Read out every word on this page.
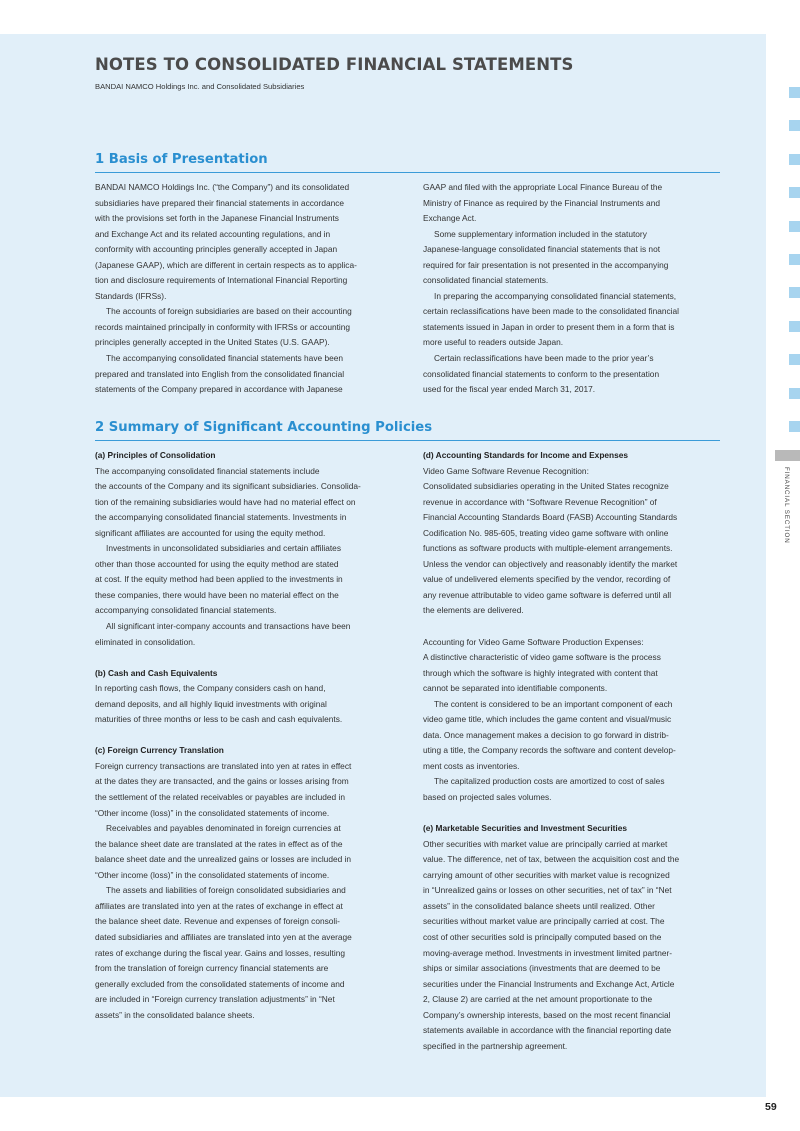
NOTES TO CONSOLIDATED FINANCIAL STATEMENTS
BANDAI NAMCO Holdings Inc. and Consolidated Subsidiaries
1 Basis of Presentation

BANDAI NAMCO Holdings Inc. (“the Company”) and its consolidated

subsidiaries have prepared their financial statements in accordance

with the provisions set forth in the Japanese Financial Instruments

and Exchange Act and its related accounting regulations, and in

conformity with accounting principles generally accepted in Japan

(Japanese GAAP), which are different in certain respects as to applica-

tion and disclosure requirements of International Financial Reporting

Standards (IFRSs).

The accounts of foreign subsidiaries are based on their accounting

records maintained principally in conformity with IFRSs or accounting

principles generally accepted in the United States (U.S. GAAP).

The accompanying consolidated financial statements have been

prepared and translated into English from the consolidated financial

statements of the Company prepared in accordance with Japanese

GAAP and filed with the appropriate Local Finance Bureau of the

Ministry of Finance as required by the Financial Instruments and

Exchange Act.

Some supplementary information included in the statutory

Japanese-language consolidated financial statements that is not

required for fair presentation is not presented in the accompanying

consolidated financial statements.

In preparing the accompanying consolidated financial statements,

certain reclassifications have been made to the consolidated financial

statements issued in Japan in order to present them in a form that is

more useful to readers outside Japan.

Certain reclassifications have been made to the prior year’s

consolidated financial statements to conform to the presentation

used for the fiscal year ended March 31, 2017.

2 Summary of Significant Accounting Policies

(a) Principles of Consolidation

The accompanying consolidated financial statements include

the accounts of the Company and its significant subsidiaries. Consolida-

tion of the remaining subsidiaries would have had no material effect on

the accompanying consolidated financial statements. Investments in

significant affiliates are accounted for using the equity method.

Investments in unconsolidated subsidiaries and certain affiliates

other than those accounted for using the equity method are stated

at cost. If the equity method had been applied to the investments in

these companies, there would have been no material effect on the

accompanying consolidated financial statements.

All significant inter-company accounts and transactions have been

eliminated in consolidation.

(b) Cash and Cash Equivalents

In reporting cash flows, the Company considers cash on hand,

demand deposits, and all highly liquid investments with original

maturities of three months or less to be cash and cash equivalents.

(c) Foreign Currency Translation

Foreign currency transactions are translated into yen at rates in effect

at the dates they are transacted, and the gains or losses arising from

the settlement of the related receivables or payables are included in

“Other income (loss)” in the consolidated statements of income.

Receivables and payables denominated in foreign currencies at

the balance sheet date are translated at the rates in effect as of the

balance sheet date and the unrealized gains or losses are included in

“Other income (loss)” in the consolidated statements of income.

The assets and liabilities of foreign consolidated subsidiaries and

affiliates are translated into yen at the rates of exchange in effect at

the balance sheet date. Revenue and expenses of foreign consoli-

dated subsidiaries and affiliates are translated into yen at the average

rates of exchange during the fiscal year. Gains and losses, resulting

from the translation of foreign currency financial statements are

generally excluded from the consolidated statements of income and

are included in “Foreign currency translation adjustments” in “Net

assets” in the consolidated balance sheets.

(d) Accounting Standards for Income and Expenses

Video Game Software Revenue Recognition:

Consolidated subsidiaries operating in the United States recognize

revenue in accordance with “Software Revenue Recognition” of

Financial Accounting Standards Board (FASB) Accounting Standards

Codification No. 985-605, treating video game software with online

functions as software products with multiple-element arrangements.

Unless the vendor can objectively and reasonably identify the market

value of undelivered elements specified by the vendor, recording of

any revenue attributable to video game software is deferred until all

the elements are delivered.

Accounting for Video Game Software Production Expenses:

A distinctive characteristic of video game software is the process

through which the software is highly integrated with content that

cannot be separated into identifiable components.

The content is considered to be an important component of each

video game title, which includes the game content and visual/music

data. Once management makes a decision to go forward in distrib-

uting a title, the Company records the software and content develop-

ment costs as inventories.

The capitalized production costs are amortized to cost of sales

based on projected sales volumes.

(e) Marketable Securities and Investment Securities

Other securities with market value are principally carried at market

value. The difference, net of tax, between the acquisition cost and the

carrying amount of other securities with market value is recognized

in “Unrealized gains or losses on other securities, net of tax” in “Net

assets” in the consolidated balance sheets until realized. Other

securities without market value are principally carried at cost. The

cost of other securities sold is principally computed based on the

moving-average method. Investments in investment limited partner-

ships or similar associations (investments that are deemed to be

securities under the Financial Instruments and Exchange Act, Article

2, Clause 2) are carried at the net amount proportionate to the

Company’s ownership interests, based on the most recent financial

statements available in accordance with the financial reporting date

specified in the partnership agreement.

FINANCIAL SECTION
59
